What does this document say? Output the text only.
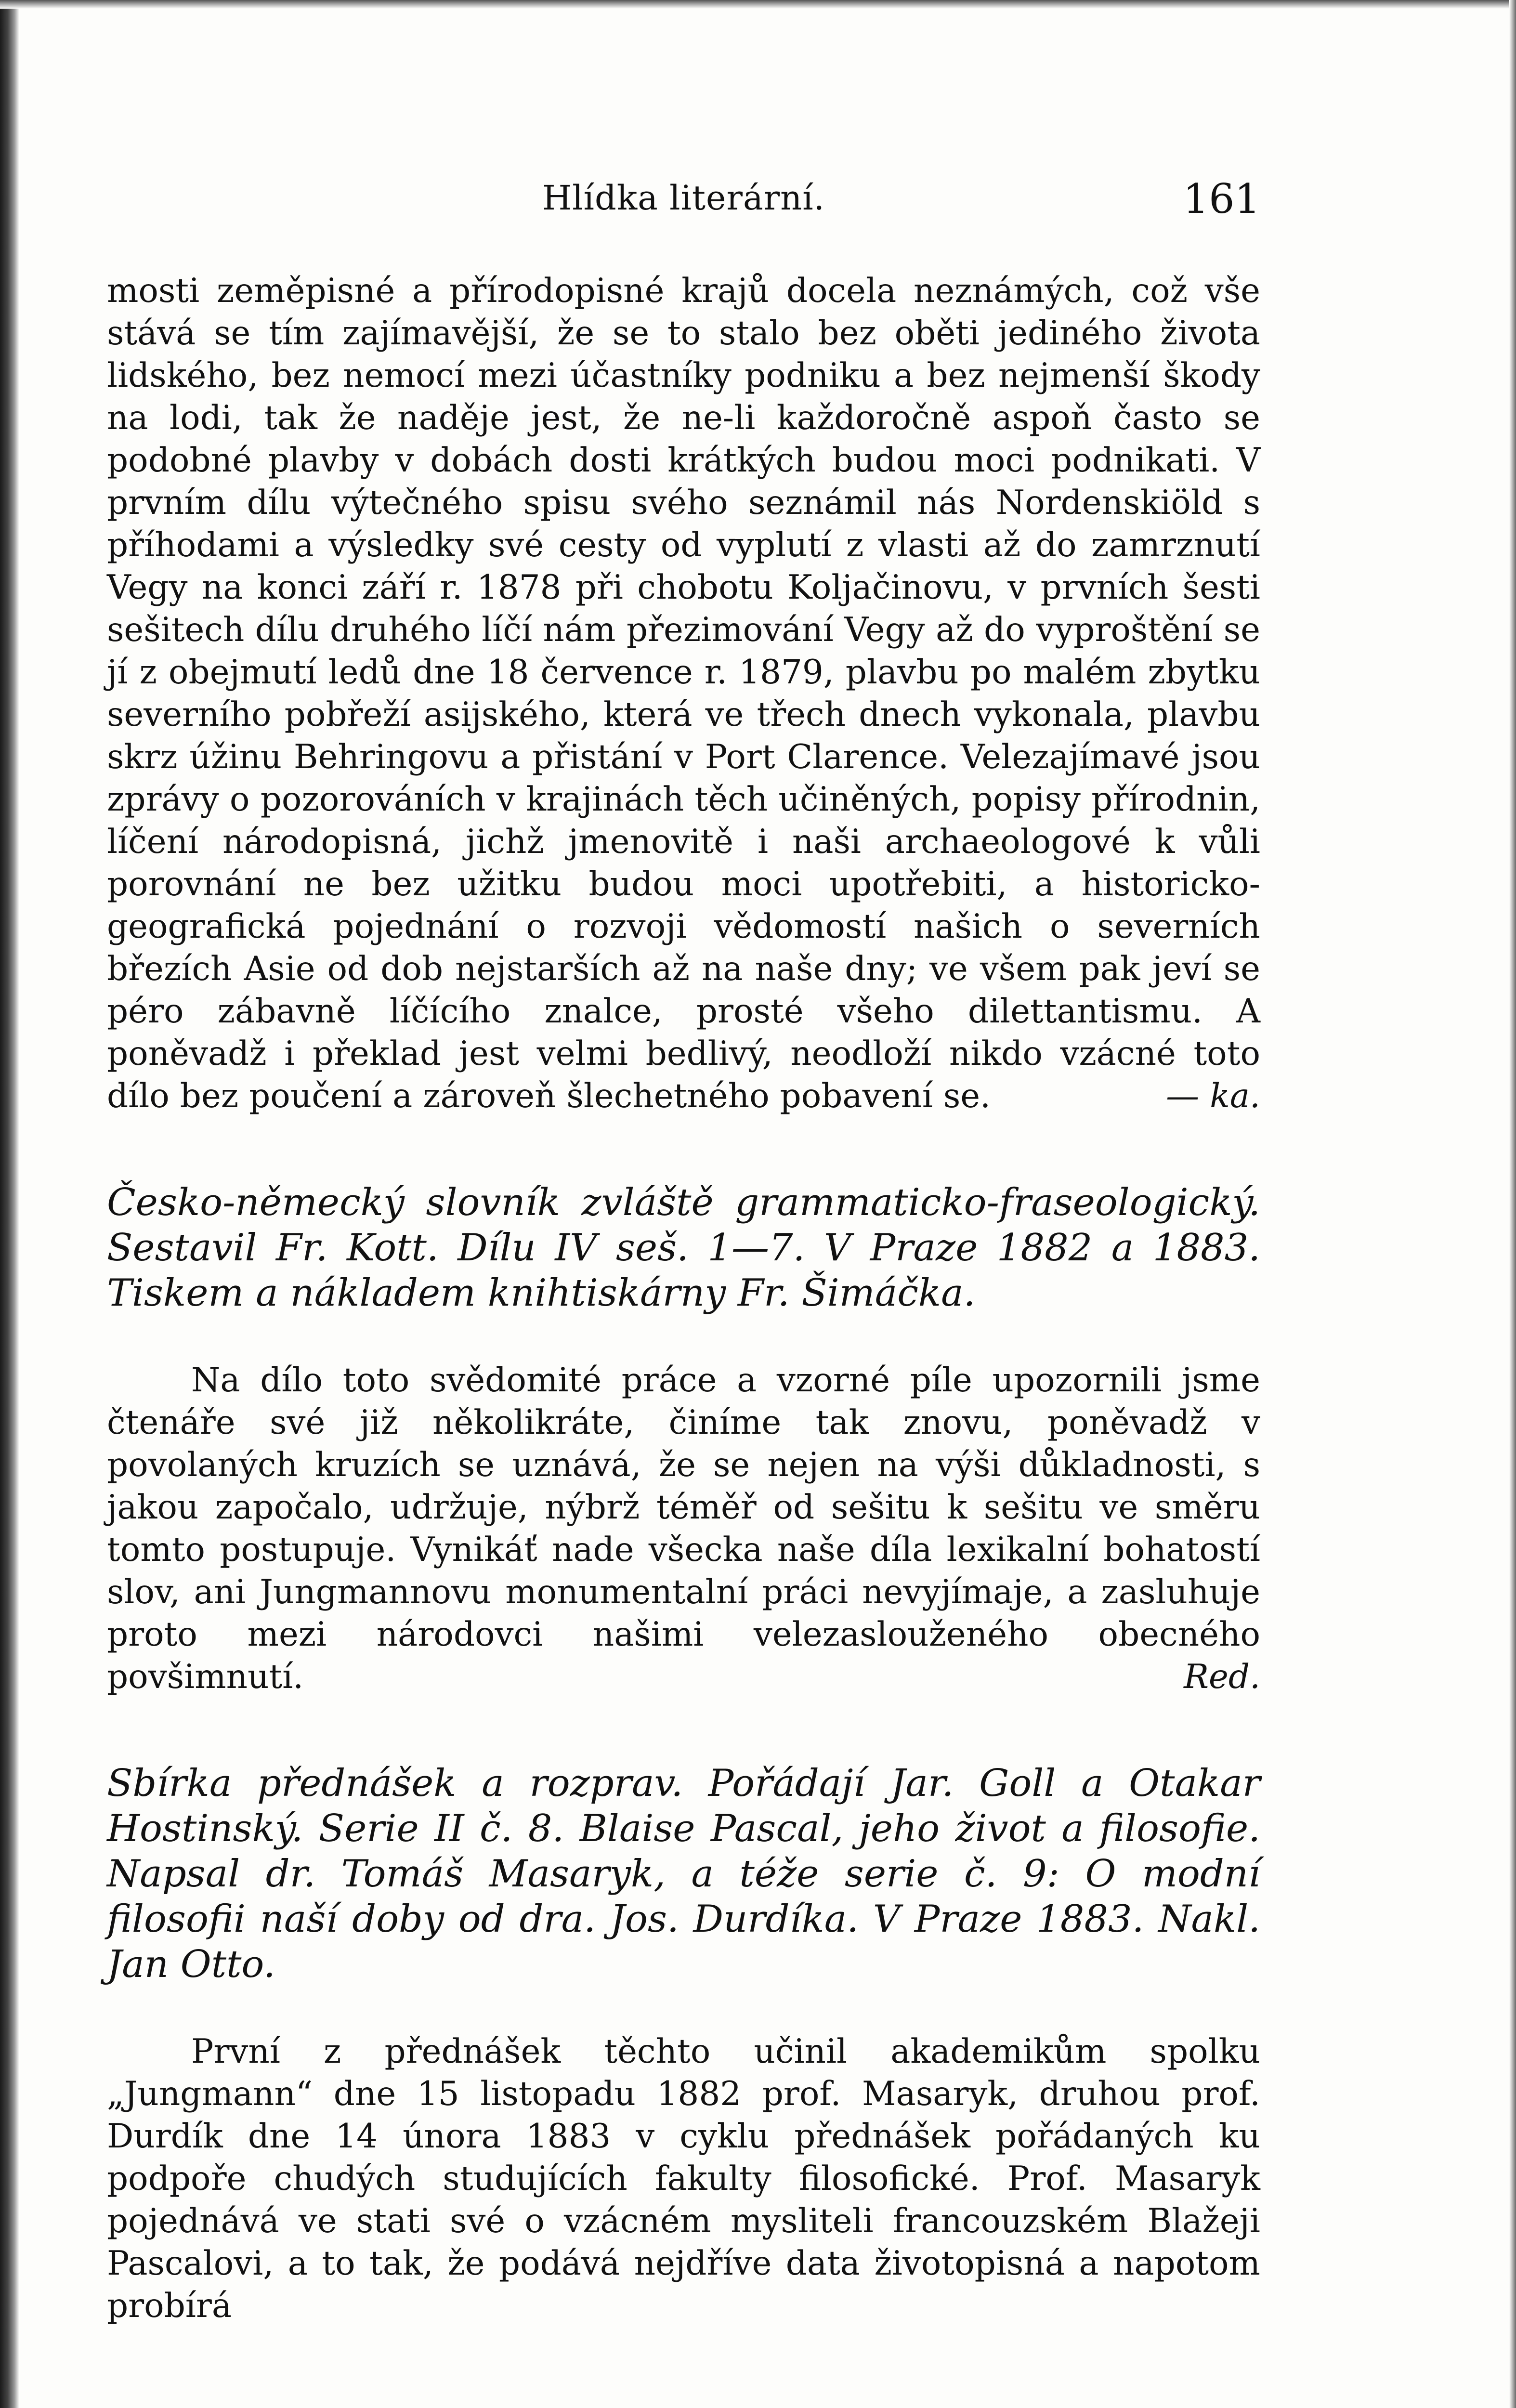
Hlídka literární.	161

mosti zeměpisné a přírodopisné krajů docela neznámých, což vše stává se tím zajímavější, že se to stalo bez oběti jediného života lidského, bez nemocí mezi účastníky podniku a bez nejmenší škody na lodi, tak že naděje jest, že ne-li každoročně aspoň často se podobné plavby v dobách dosti krátkých budou moci podnikati. V prvním dílu výtečného spisu svého seznámil nás Nordenskiöld s příhodami a výsledky své cesty od vyplutí z vlasti až do zamrznutí Vegy na konci září r. 1878 při chobotu Koljačinovu, v prvních šesti sešitech dílu druhého líčí nám přezimování Vegy až do vyproštění se jí z obejmutí ledů dne 18 července r. 1879, plavbu po malém zbytku severního pobřeží asijského, která ve třech dnech vykonala, plavbu skrz úžinu Behringovu a přistání v Port Clarence. Velezajímavé jsou zprávy o pozorováních v krajinách těch učiněných, popisy přírodnin, líčení národopisná, jichž jmenovitě i naši archaeologové k vůli porovnání ne bez užitku budou moci upotřebiti, a historicko-geografická pojednání o rozvoji vědomostí našich o severních březích Asie od dob nejstarších až na naše dny; ve všem pak jeví se péro zábavně líčícího znalce, prosté všeho dilettantismu. A poněvadž i překlad jest velmi bedlivý, neodloží nikdo vzácné toto dílo bez poučení a zároveň šlechetného pobavení se.	— ka.

Česko-německý slovník zvláště grammaticko-fraseologický. Sestavil Fr. Kott. Dílu IV seš. 1—7. V Praze 1882 a 1883. Tiskem a nákladem knihtiskárny Fr. Šimáčka.

Na dílo toto svědomité práce a vzorné píle upozornili jsme čtenáře své již několikráte, činíme tak znovu, poněvadž v povolaných kruzích se uznává, že se nejen na výši důkladnosti, s jakou započalo, udržuje, nýbrž téměř od sešitu k sešitu ve směru tomto postupuje. Vynikáť nade všecka naše díla lexikalní bohatostí slov, ani Jungmannovu monumentalní práci nevyjímaje, a zasluhuje proto mezi národovci našimi velezaslouženého obecného povšimnutí.	Red.

Sbírka přednášek a rozprav. Pořádají Jar. Goll a Otakar Hostinský. Serie II č. 8. Blaise Pascal, jeho život a filosofie. Napsal dr. Tomáš Masaryk, a téže serie č. 9: O modní filosofii naší doby od dra. Jos. Durdíka. V Praze 1883. Nakl. Jan Otto.

První z přednášek těchto učinil akademikům spolku „Jungmann“ dne 15 listopadu 1882 prof. Masaryk, druhou prof. Durdík dne 14 února 1883 v cyklu přednášek pořádaných ku podpoře chudých studujících fakulty filosofické. Prof. Masaryk pojednává ve stati své o vzácném mysliteli francouzském Blažeji Pascalovi, a to tak, že podává nejdříve data životopisná a napotom probírá
